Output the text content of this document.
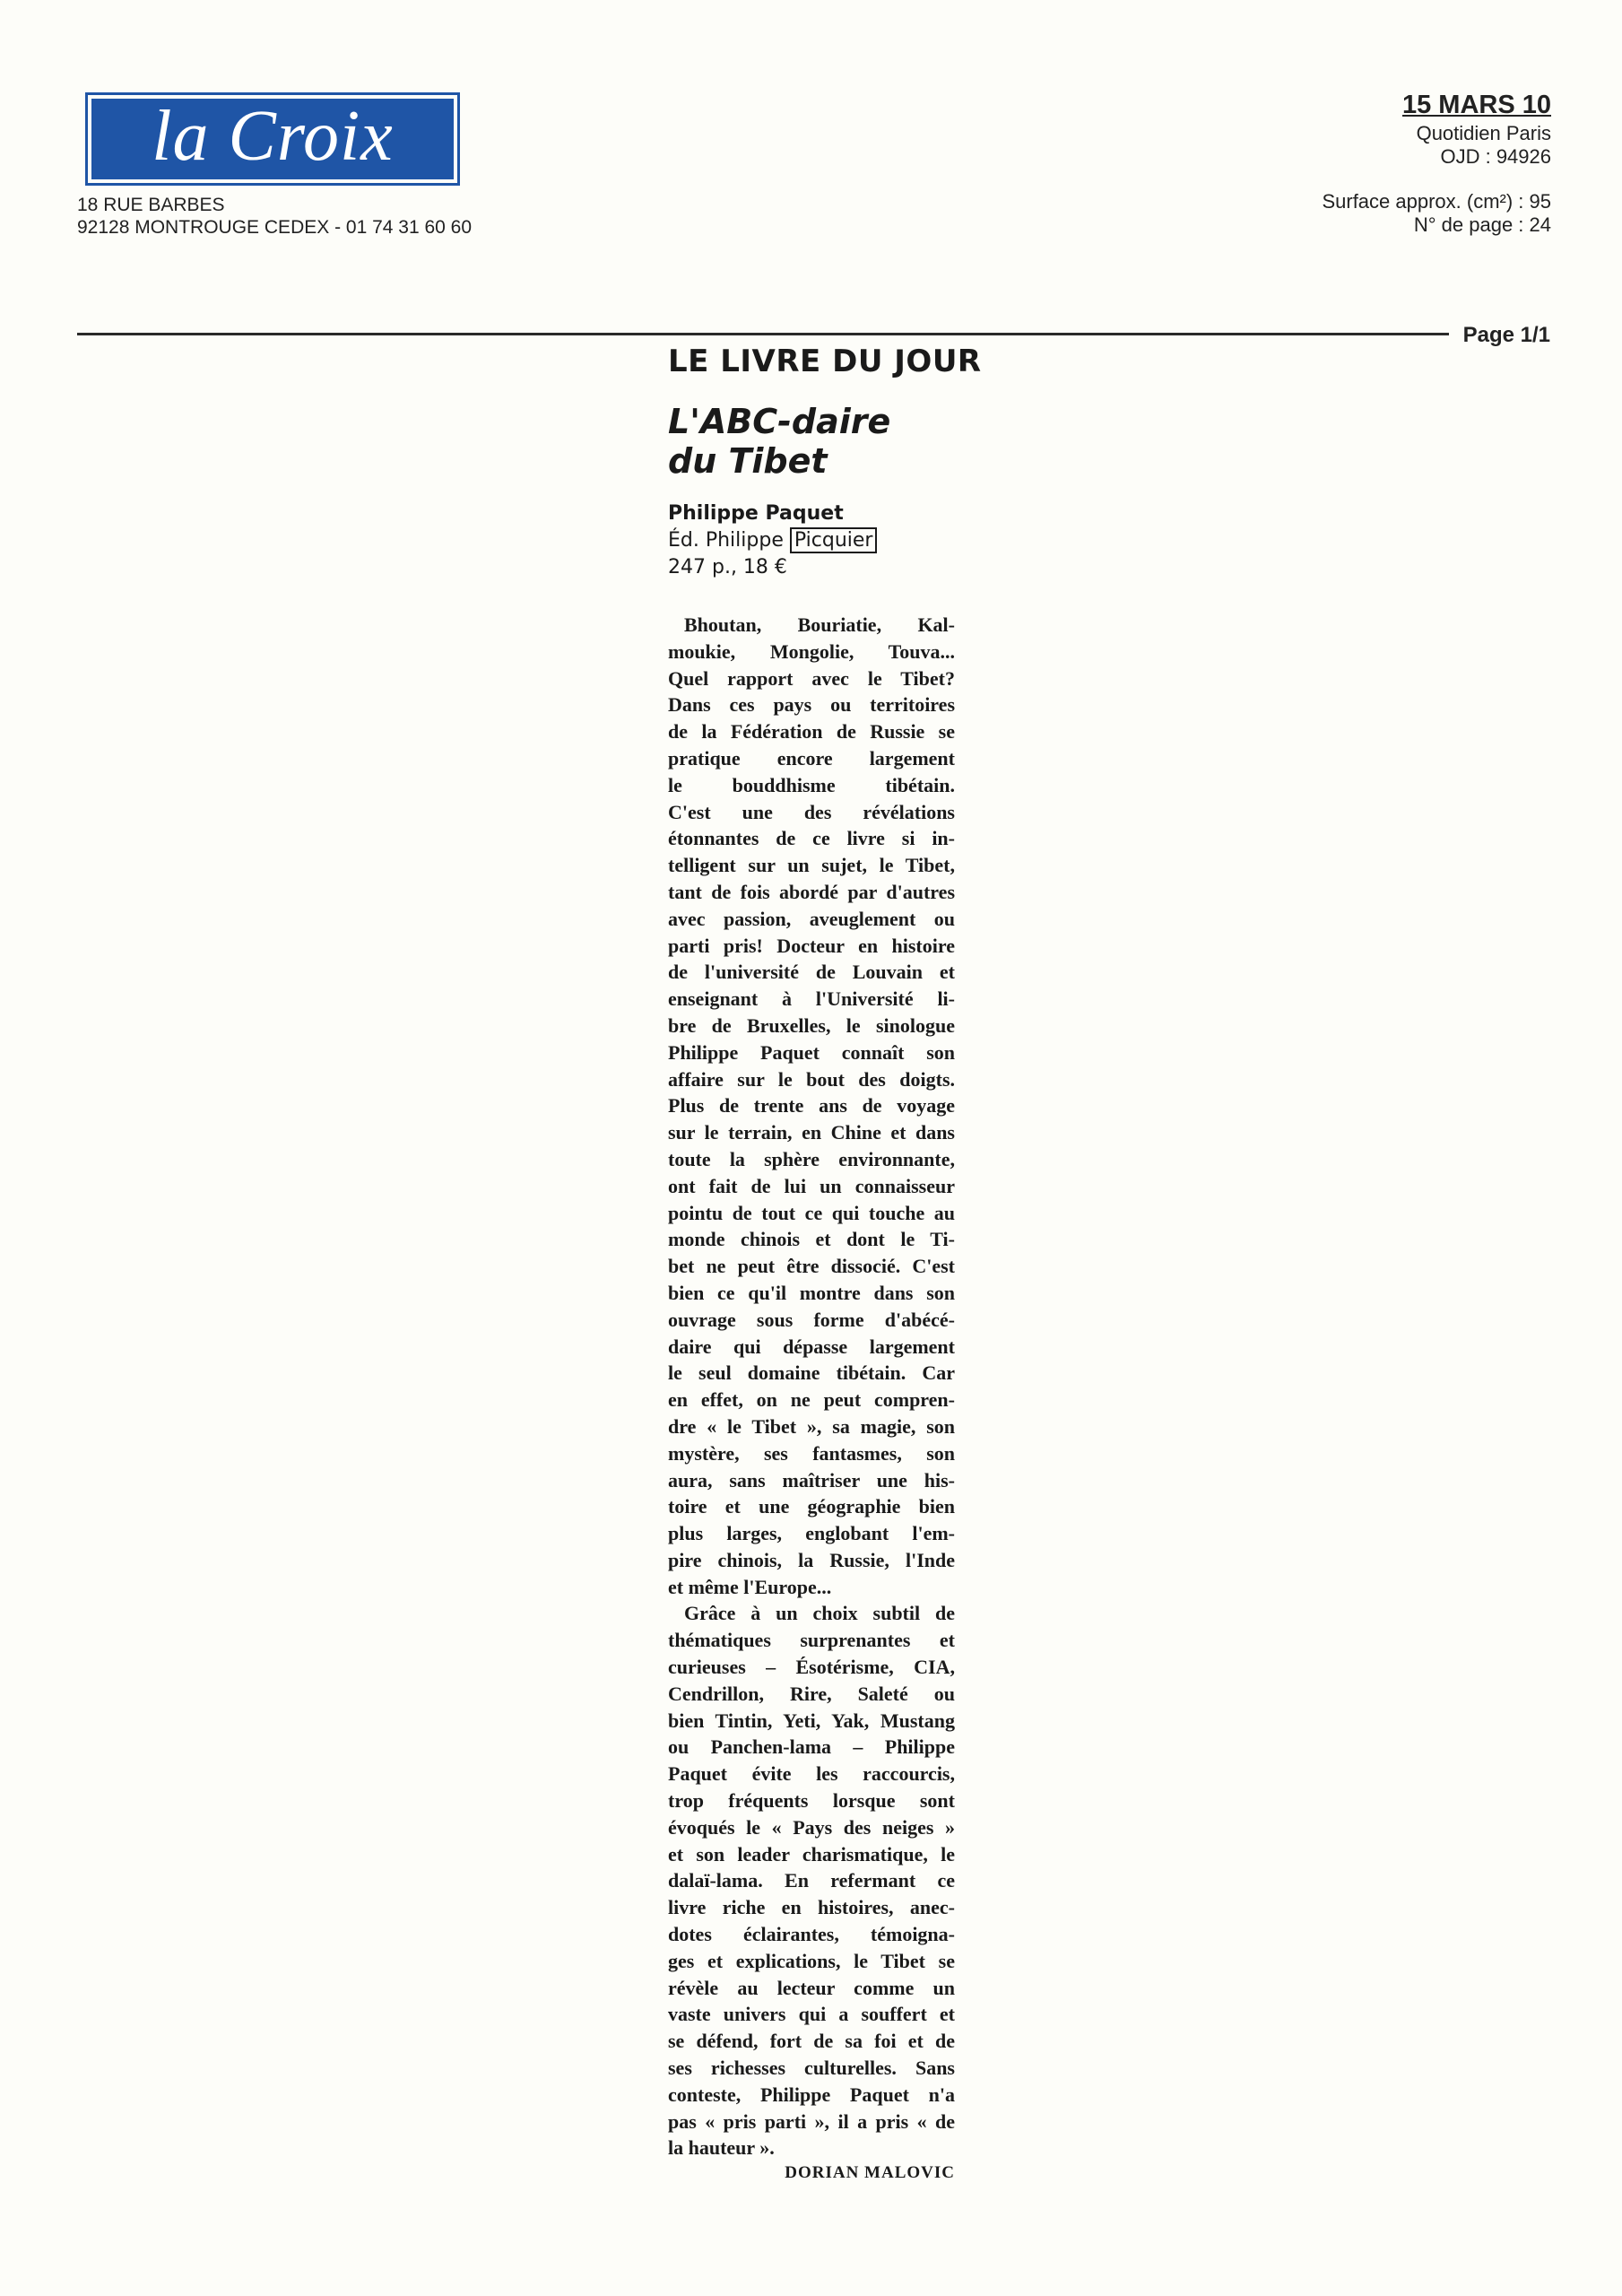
la Croix
18 RUE BARBES
92128 MONTROUGE CEDEX - 01 74 31 60 60
15 MARS 10
Quotidien Paris
OJD : 94926
Surface approx. (cm²) : 95
N° de page : 24
Page 1/1
LE LIVRE DU JOUR
L'ABC-daire
du Tibet
Philippe Paquet
Éd. Philippe Picquier
247 p., 18 €
Bhoutan, Bouriatie, Kal-
moukie, Mongolie, Touva...
Quel rapport avec le Tibet?
Dans ces pays ou territoires
de la Fédération de Russie se
pratique encore largement
le bouddhisme tibétain.
C'est une des révélations
étonnantes de ce livre si in-
telligent sur un sujet, le Tibet,
tant de fois abordé par d'autres
avec passion, aveuglement ou
parti pris! Docteur en histoire
de l'université de Louvain et
enseignant à l'Université li-
bre de Bruxelles, le sinologue
Philippe Paquet connaît son
affaire sur le bout des doigts.
Plus de trente ans de voyage
sur le terrain, en Chine et dans
toute la sphère environnante,
ont fait de lui un connaisseur
pointu de tout ce qui touche au
monde chinois et dont le Ti-
bet ne peut être dissocié. C'est
bien ce qu'il montre dans son
ouvrage sous forme d'abécé-
daire qui dépasse largement
le seul domaine tibétain. Car
en effet, on ne peut compren-
dre « le Tibet », sa magie, son
mystère, ses fantasmes, son
aura, sans maîtriser une his-
toire et une géographie bien
plus larges, englobant l'em-
pire chinois, la Russie, l'Inde
et même l'Europe...
Grâce à un choix subtil de
thématiques surprenantes et
curieuses – Ésotérisme, CIA,
Cendrillon, Rire, Saleté ou
bien Tintin, Yeti, Yak, Mustang
ou Panchen-lama – Philippe
Paquet évite les raccourcis,
trop fréquents lorsque sont
évoqués le « Pays des neiges »
et son leader charismatique, le
dalaï-lama. En refermant ce
livre riche en histoires, anec-
dotes éclairantes, témoigna-
ges et explications, le Tibet se
révèle au lecteur comme un
vaste univers qui a souffert et
se défend, fort de sa foi et de
ses richesses culturelles. Sans
conteste, Philippe Paquet n'a
pas « pris parti », il a pris « de
la hauteur ».
DORIAN MALOVIC
